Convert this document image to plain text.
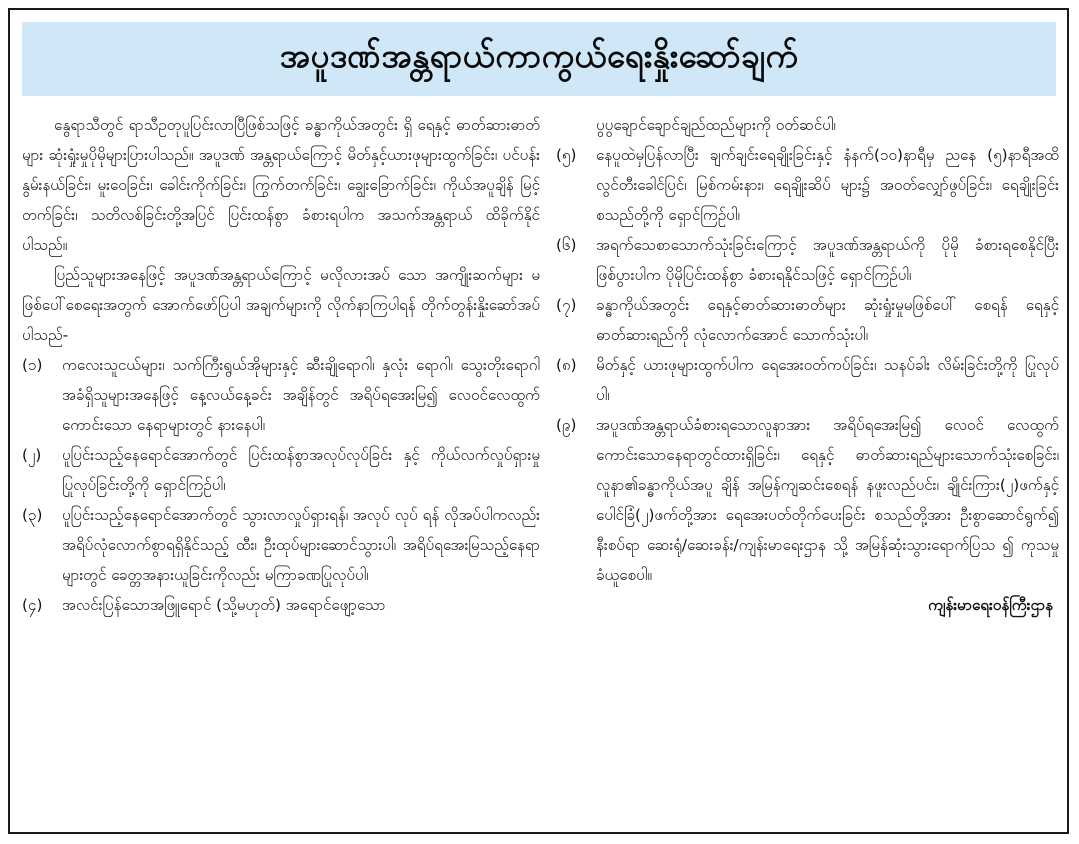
အပူဒဏ်အန္တရာယ်ကာကွယ်ရေးနှိုးဆော်ချက်
နွေရာသီတွင် ရာသီဥတုပူပြင်းလာပြီဖြစ်သဖြင့် ခန္ဓာကိုယ်အတွင်း ရှိ ရေနှင့် ဓာတ်ဆားဓာတ်များ ဆုံးရှုံးမှုပိုမိုများပြားပါသည်။ အပူဒဏ် အန္တရာယ်ကြောင့် မိတ်နှင့်ယားဖုများထွက်ခြင်း၊ ပင်ပန်းနွမ်းနယ်ခြင်း၊ မူးဝေခြင်း၊ ခေါင်းကိုက်ခြင်း၊ ကြွက်တက်ခြင်း၊ ချွေးခြောက်ခြင်း၊ ကိုယ်အပူချိန် မြင့်တက်ခြင်း၊ သတိလစ်ခြင်းတို့အပြင် ပြင်းထန်စွာ ခံစားရပါက အသက်အန္တရာယ် ထိခိုက်နိုင်ပါသည်။
ပြည်သူများအနေဖြင့် အပူဒဏ်အန္တရာယ်ကြောင့် မလိုလားအပ် သော အကျိုးဆက်များ မဖြစ်ပေါ်စေရေးအတွက် အောက်ဖော်ပြပါ အချက်များကို လိုက်နာကြပါရန် တိုက်တွန်းနှိုးဆော်အပ်ပါသည်-
(၁)	ကလေးသူငယ်များ၊ သက်ကြီးရွယ်အိုများနှင့် ဆီးချိုရောဂါ၊ နှလုံး ရောဂါ၊ သွေးတိုးရောဂါအခံရှိသူများအနေဖြင့် နေ့လယ်နေ့ခင်း အချိန်တွင် အရိပ်ရအေးမြ၍ လေဝင်လေထွက်ကောင်းသော နေရာများတွင် နားနေပါ၊
(၂)	ပူပြင်းသည့်နေရောင်အောက်တွင် ပြင်းထန်စွာအလုပ်လုပ်ခြင်း နှင့် ကိုယ်လက်လှုပ်ရှားမှုပြုလုပ်ခြင်းတို့ကို ရှောင်ကြဉ်ပါ၊
(၃)	ပူပြင်းသည့်နေရောင်အောက်တွင် သွားလာလှုပ်ရှားရန်၊ အလုပ် လုပ် ရန် လိုအပ်ပါကလည်း အရိပ်လုံလောက်စွာရရှိနိုင်သည့် ထီး၊ ဦးထုပ်များဆောင်သွားပါ၊ အရိပ်ရအေးမြသည့်နေရာများတွင် ခေတ္တအနားယူခြင်းကိုလည်း မကြာခဏပြုလုပ်ပါ၊
(၄)	အလင်းပြန်သောအဖြူရောင် (သို့မဟုတ်) အရောင်ဖျော့သော
ပွပွချောင်ချောင်ချည်ထည်များကို ဝတ်ဆင်ပါ၊
(၅)	နေပူထဲမှပြန်လာပြီး ချက်ချင်းရေချိုးခြင်းနှင့် နံနက်(၁၀)နာရီမှ ညနေ (၅)နာရီအထိ လွင်တီးခေါင်ပြင်၊ မြစ်ကမ်းနား၊ ရေချိုးဆိပ် များ၌ အဝတ်လျှော်ဖွပ်ခြင်း၊ ရေချိုးခြင်း စသည်တို့ကို ရှောင်ကြဉ်ပါ၊
(၆)	အရက်သေစာသောက်သုံးခြင်းကြောင့် အပူဒဏ်အန္တရာယ်ကို ပိုမို ခံစားရစေနိုင်ပြီးဖြစ်ပွားပါက ပိုမိုပြင်းထန်စွာ ခံစားရနိုင်သဖြင့် ရှောင်ကြဉ်ပါ၊
(၇)	ခန္ဓာကိုယ်အတွင်း ရေနှင့်ဓာတ်ဆားဓာတ်များ ဆုံးရှုံးမှုမဖြစ်ပေါ် စေရန် ရေနှင့်ဓာတ်ဆားရည်ကို လုံလောက်အောင် သောက်သုံးပါ၊
(၈)	မိတ်နှင့် ယားဖုများထွက်ပါက ရေအေးဝတ်ကပ်ခြင်း၊ သနပ်ခါး လိမ်းခြင်းတို့ကို ပြုလုပ်ပါ၊
(၉)	အပူဒဏ်အန္တရာယ်ခံစားရသောလူနာအား အရိပ်ရအေးမြ၍ လေဝင် လေထွက်ကောင်းသောနေရာတွင်ထားရှိခြင်း၊ ရေနှင့် ဓာတ်ဆားရည်များသောက်သုံးစေခြင်း၊ လူနာ၏ခန္ဓာကိုယ်အပူ ချိန် အမြန်ကျဆင်းစေရန် နဖူးလည်ပင်း၊ ချိုင်းကြား(၂)ဖက်နှင့် ပေါင်ခြံ(၂)ဖက်တို့အား ရေအေးပတ်တိုက်ပေးခြင်း စသည်တို့အား ဦးစွာဆောင်ရွက်၍ နီးစပ်ရာ ဆေးရုံ/ဆေးခန်း/ကျန်းမာရေးဌာန သို့ အမြန်ဆုံးသွားရောက်ပြသ ၍ ကုသမှုခံယူစေပါ။
ကျန်းမာရေးဝန်ကြီးဌာန
